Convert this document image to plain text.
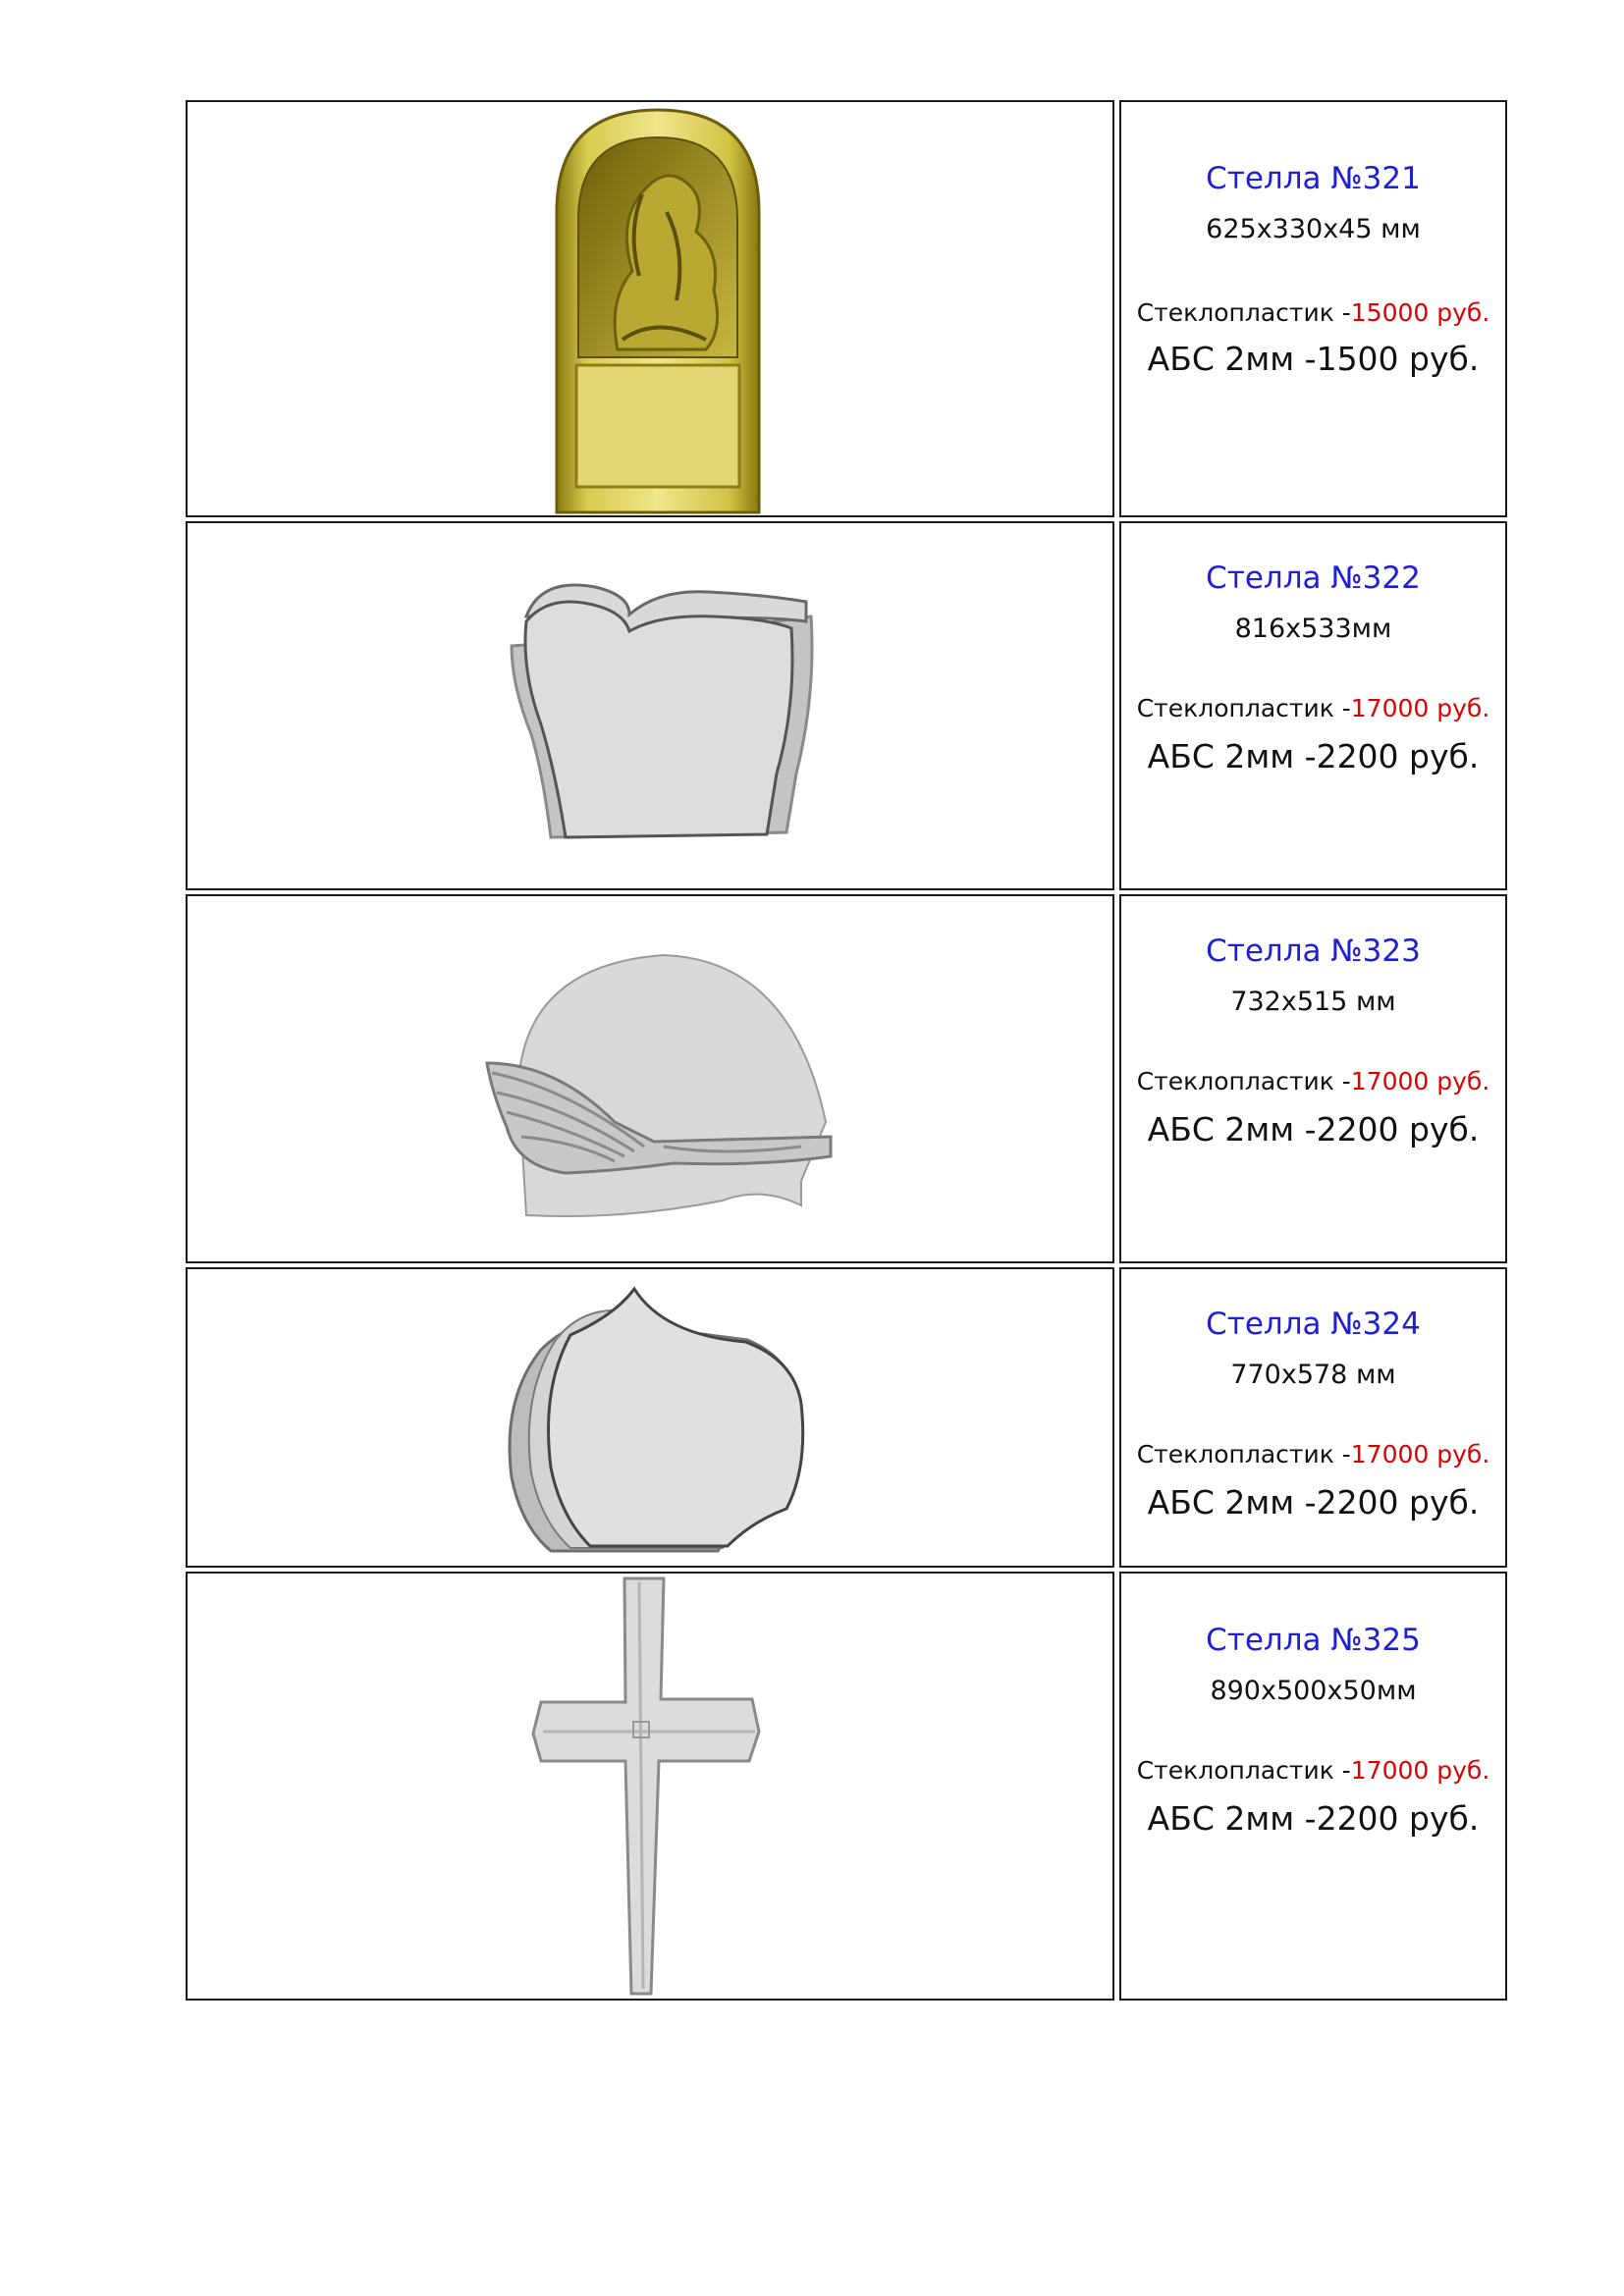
Стелла №321
625х330х45 мм
Стеклопластик -15000 руб.
АБС 2мм -1500 руб.
Стелла №322
816х533мм
Стеклопластик -17000 руб.
АБС 2мм -2200 руб.
Стелла №323
732х515 мм
Стеклопластик -17000 руб.
АБС 2мм -2200 руб.
Стелла №324
770х578 мм
Стеклопластик -17000 руб.
АБС 2мм -2200 руб.
Стелла №325
890х500х50мм
Стеклопластик -17000 руб.
АБС 2мм -2200 руб.
